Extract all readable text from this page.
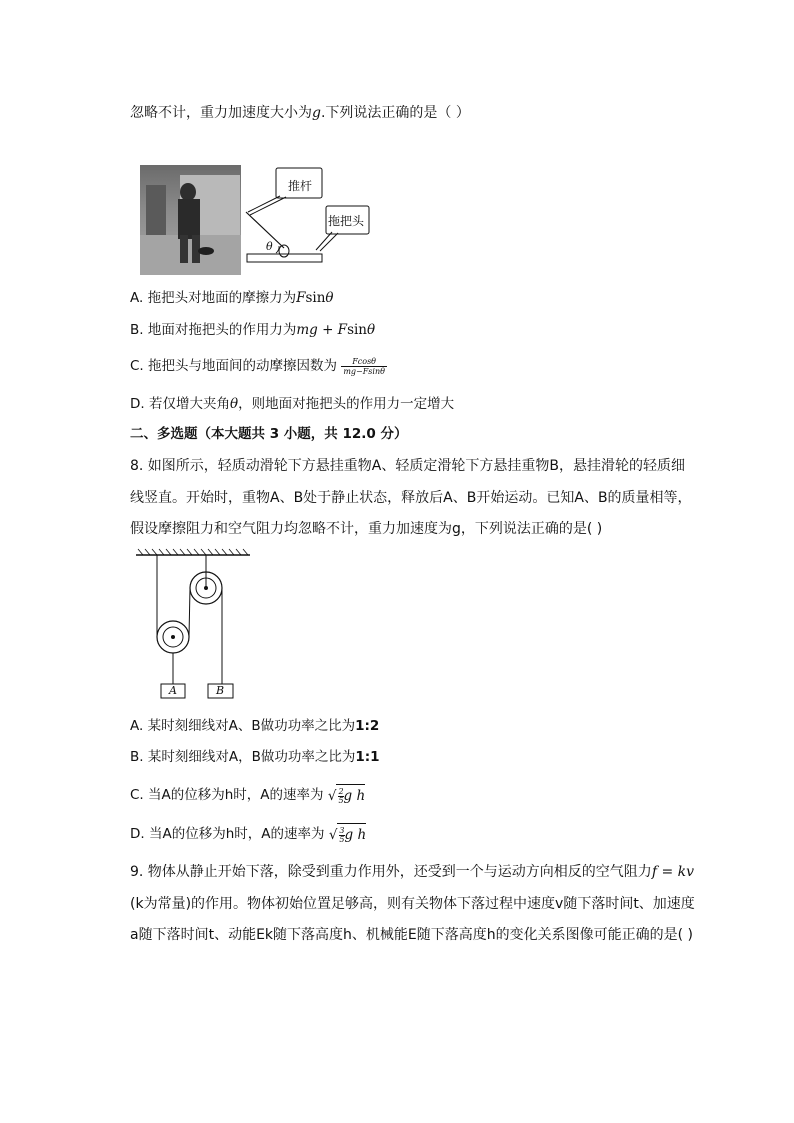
忽略不计，重力加速度大小为g.下列说法正确的是（ ）
推杆
拖把头
θ
A. 拖把头对地面的摩擦力为Fsinθ
B. 地面对拖把头的作用力为mg + Fsinθ
C. 拖把头与地面间的动摩擦因数为 $\frac{Fcos\theta}{mg-Fsin\theta}$
D. 若仅增大夹角θ，则地面对拖把头的作用力一定增大
二、多选题（本大题共 3 小题，共 12.0 分）
8. 如图所示，轻质动滑轮下方悬挂重物A、轻质定滑轮下方悬挂重物B，悬挂滑轮的轻质细
线竖直。开始时，重物A、B处于静止状态，释放后A、B开始运动。已知A、B的质量相等，
假设摩擦阻力和空气阻力均忽略不计，重力加速度为g，下列说法正确的是( )
A	B
A. 某时刻细线对A、B做功功率之比为1:2
B. 某时刻细线对A，B做功功率之比为1:1
C. 当A的位移为h时，A的速率为 √ $\frac{2}{5}$ g h
D. 当A的位移为h时，A的速率为 √ $\frac{3}{5}$ g h
9. 物体从静止开始下落，除受到重力作用外，还受到一个与运动方向相反的空气阻力f = kv
(k为常量)的作用。物体初始位置足够高，则有关物体下落过程中速度v随下落时间t、加速度
a随下落时间t、动能Ek随下落高度h、机械能E随下落高度h的变化关系图像可能正确的是( )
